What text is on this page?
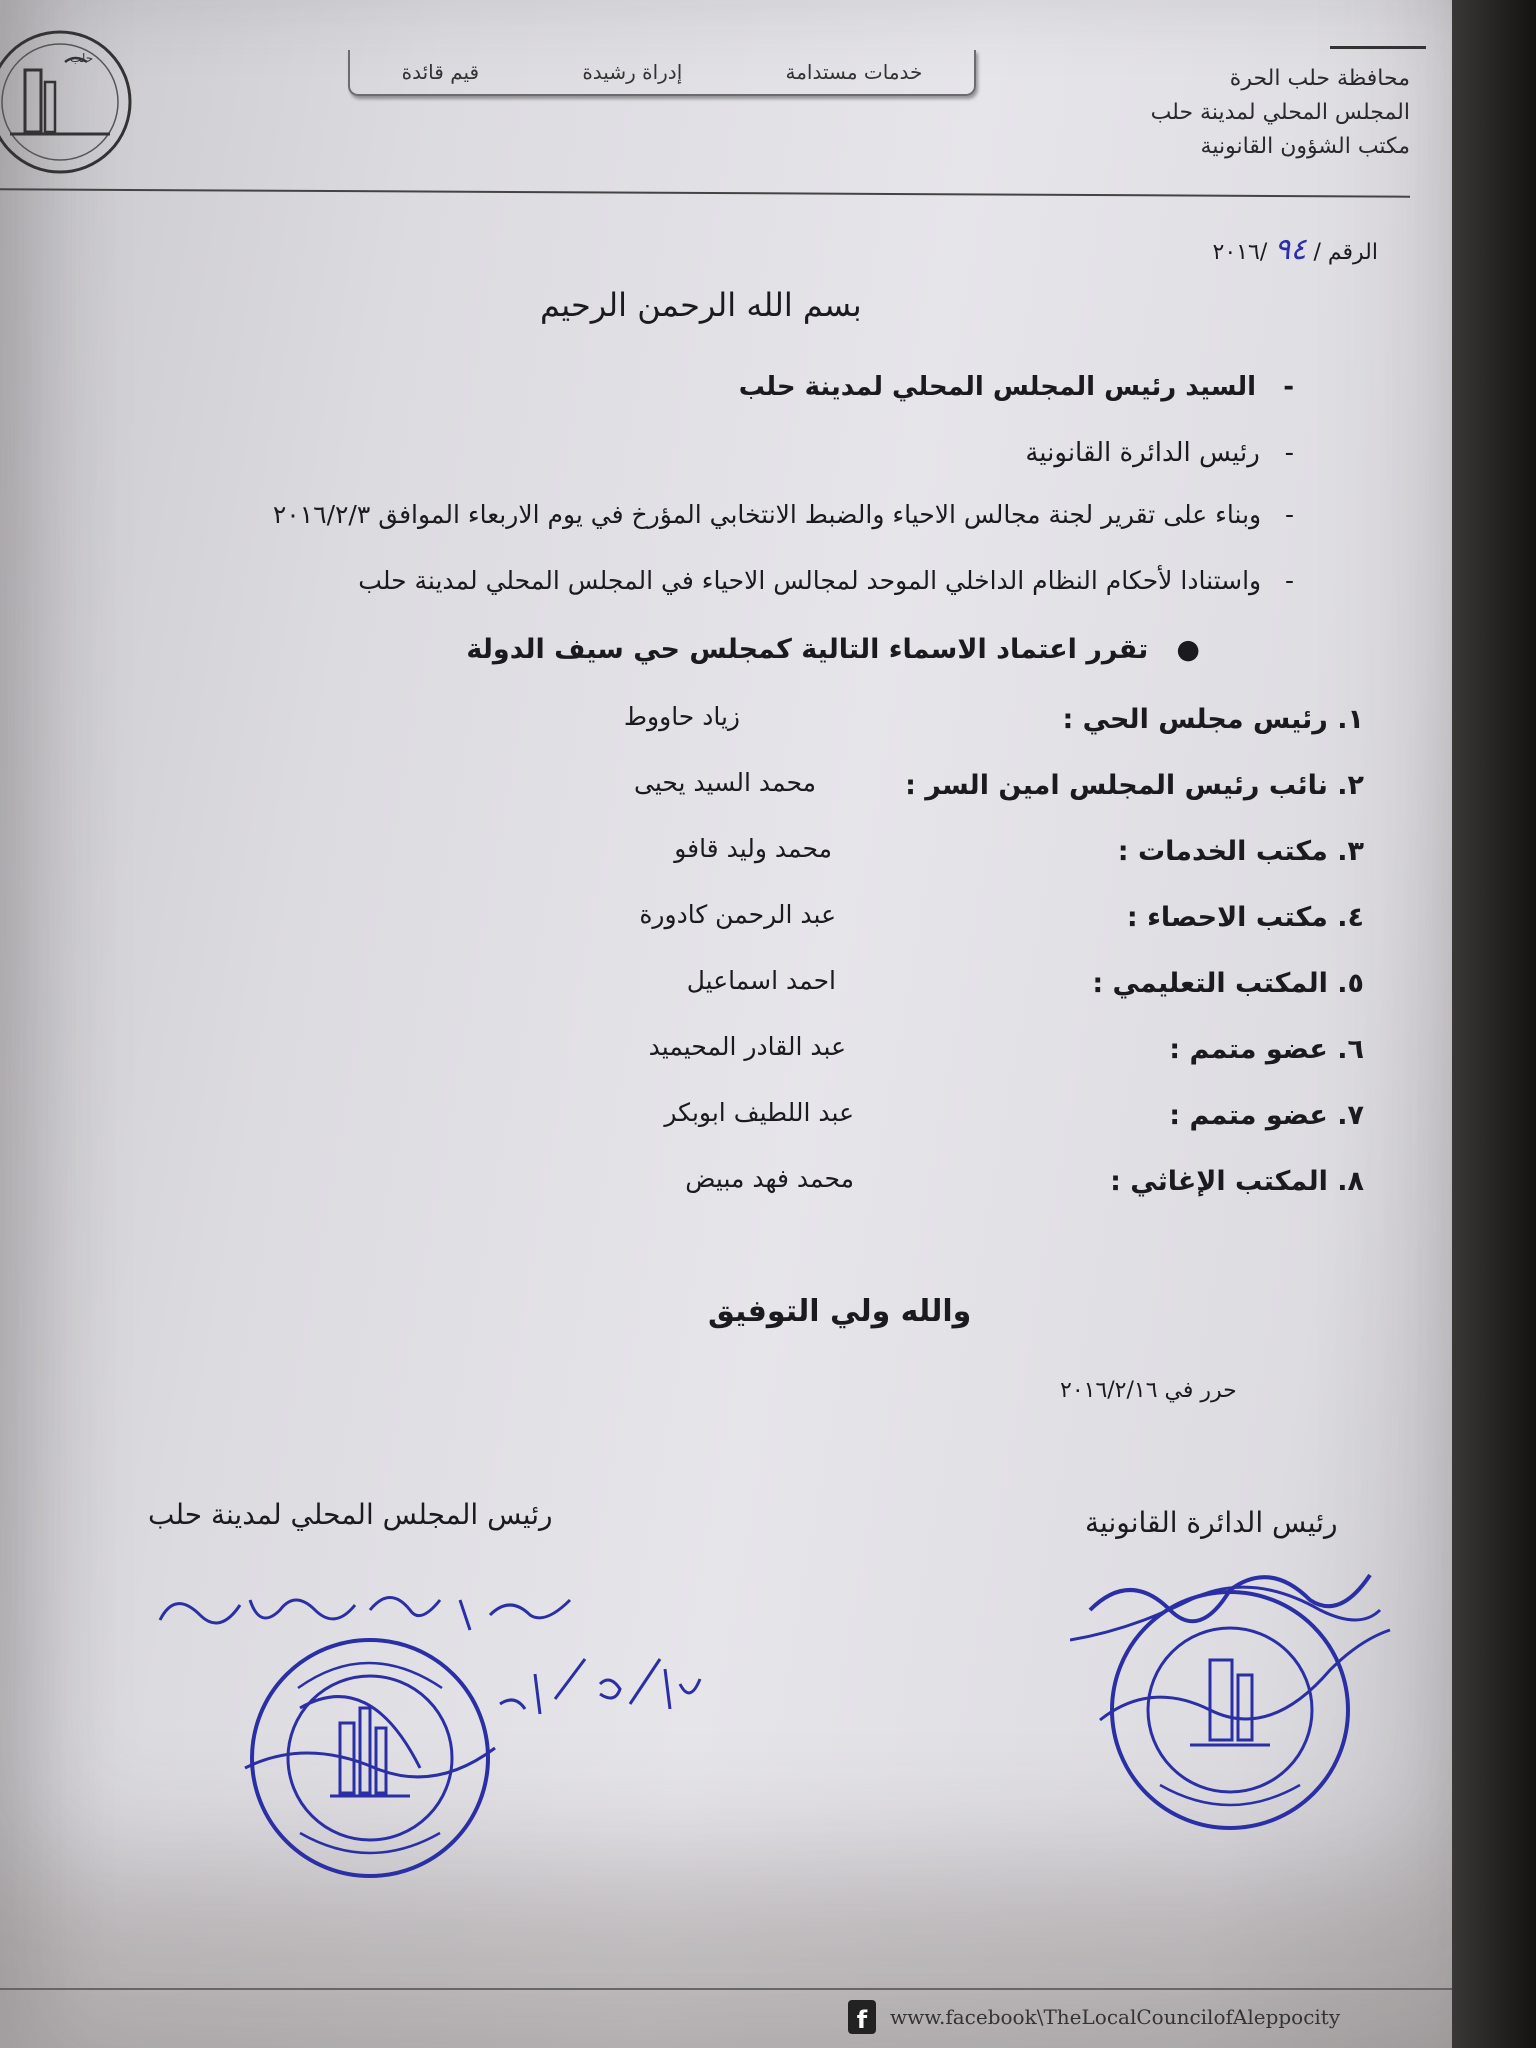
حلب
قيم قائدة	إدراة رشيدة	خدمات مستدامة	محافظة حلب الحرة
المجلس المحلي لمدينة حلب
مكتب الشؤون القانونية
الرقم / ٩٤ /٢٠١٦
بسم الله الرحمن الرحيم
-   السيد رئيس المجلس المحلي لمدينة حلب
-   رئيس الدائرة القانونية
-   وبناء على تقرير لجنة مجالس الاحياء والضبط الانتخابي المؤرخ في يوم الاربعاء الموافق ٢٠١٦/٢/٣
-   واستنادا لأحكام النظام الداخلي الموحد لمجالس الاحياء في المجلس المحلي لمدينة حلب
●   تقرر اعتماد الاسماء التالية كمجلس حي سيف الدولة
١. رئيس مجلس الحي :
زياد حاووط
٢. نائب رئيس المجلس امين السر :
محمد السيد يحيى
٣. مكتب الخدمات :
محمد وليد قافو
٤. مكتب الاحصاء :
عبد الرحمن كادورة
٥. المكتب التعليمي :
احمد اسماعيل
٦. عضو متمم :
عبد القادر المحيميد
٧. عضو متمم :
عبد اللطيف ابوبكر
٨. المكتب الإغاثي :
محمد فهد مبيض
والله ولي التوفيق
حرر في ٢٠١٦/٢/١٦
رئيس الدائرة القانونية
رئيس المجلس المحلي لمدينة حلب
f	www.facebook\TheLocalCouncilofAleppocity
